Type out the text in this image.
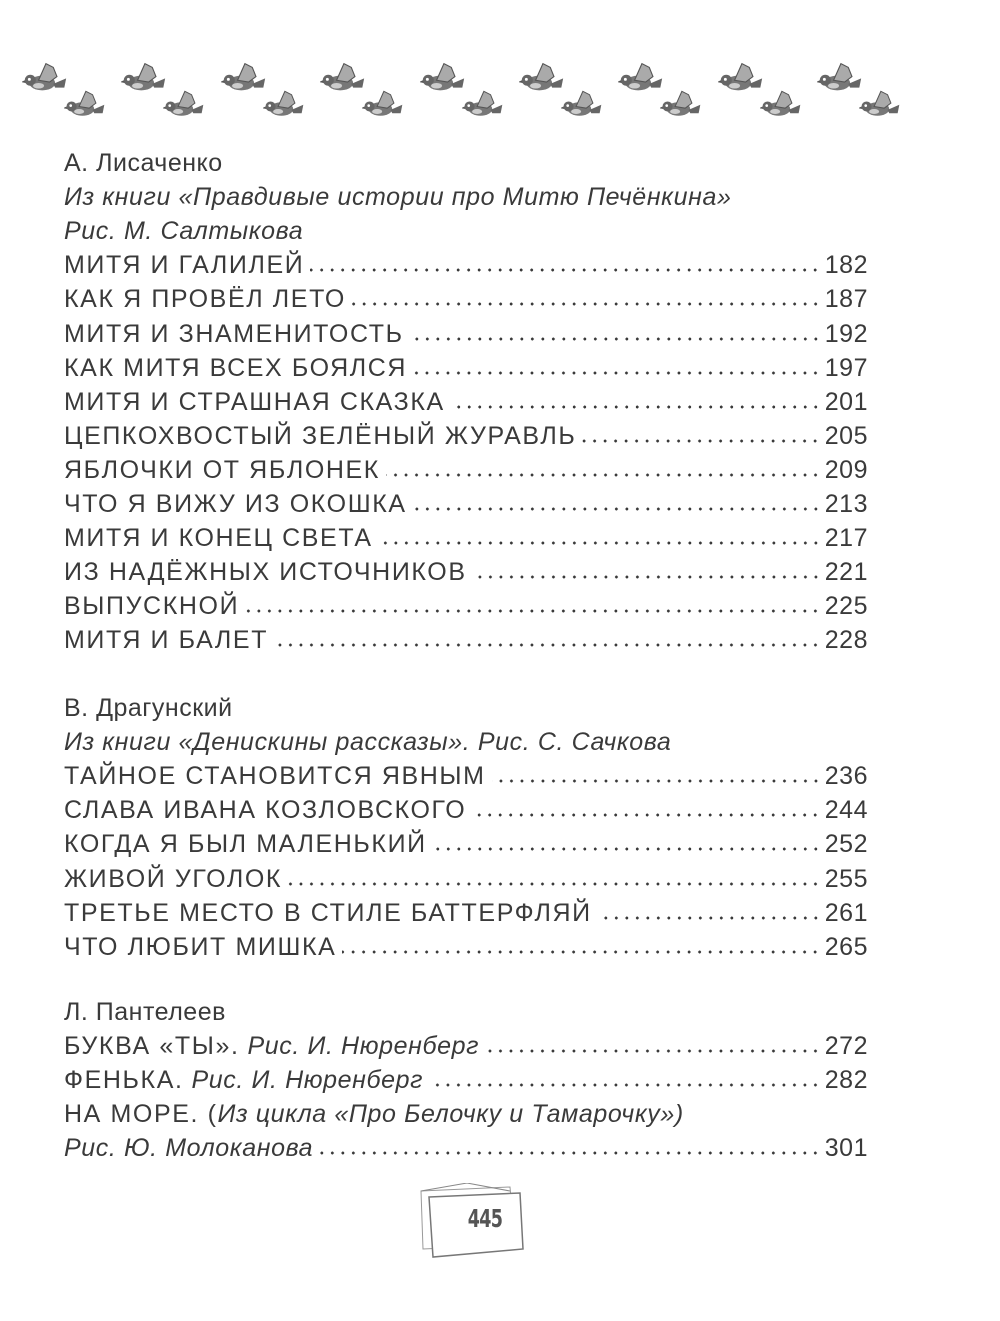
А. Лисаченко
Из книги «Правдивые истории про Митю Печёнкина»
Рис. М. Салтыкова
МИТЯ И ГАЛИЛЕЙ	182
КАК Я ПРОВЁЛ ЛЕТО	187
МИТЯ И ЗНАМЕНИТОСТЬ	192
КАК МИТЯ ВСЕХ БОЯЛСЯ	197
МИТЯ И СТРАШНАЯ СКАЗКА	201
ЦЕПКОХВОСТЫЙ ЗЕЛЁНЫЙ ЖУРАВЛЬ	205
ЯБЛОЧКИ ОТ ЯБЛОНЕК	209
ЧТО Я ВИЖУ ИЗ ОКОШКА	213
МИТЯ И КОНЕЦ СВЕТА	217
ИЗ НАДЁЖНЫХ ИСТОЧНИКОВ	221
ВЫПУСКНОЙ	225
МИТЯ И БАЛЕТ	228
В. Драгунский
Из книги «Денискины рассказы». Рис. С. Сачкова
ТАЙНОЕ СТАНОВИТСЯ ЯВНЫМ	236
СЛАВА ИВАНА КОЗЛОВСКОГО	244
КОГДА Я БЫЛ МАЛЕНЬКИЙ	252
ЖИВОЙ УГОЛОК	255
ТРЕТЬЕ МЕСТО В СТИЛЕ БАТТЕРФЛЯЙ	261
ЧТО ЛЮБИТ МИШКА	265
Л. Пантелеев
БУКВА «ТЫ». Рис. И. Нюренберг	272
ФЕНЬКА. Рис. И. Нюренберг	282
НА МОРЕ. ( Из цикла «Про Белочку и Тамарочку»)
Рис. Ю. Молоканова	301
445
